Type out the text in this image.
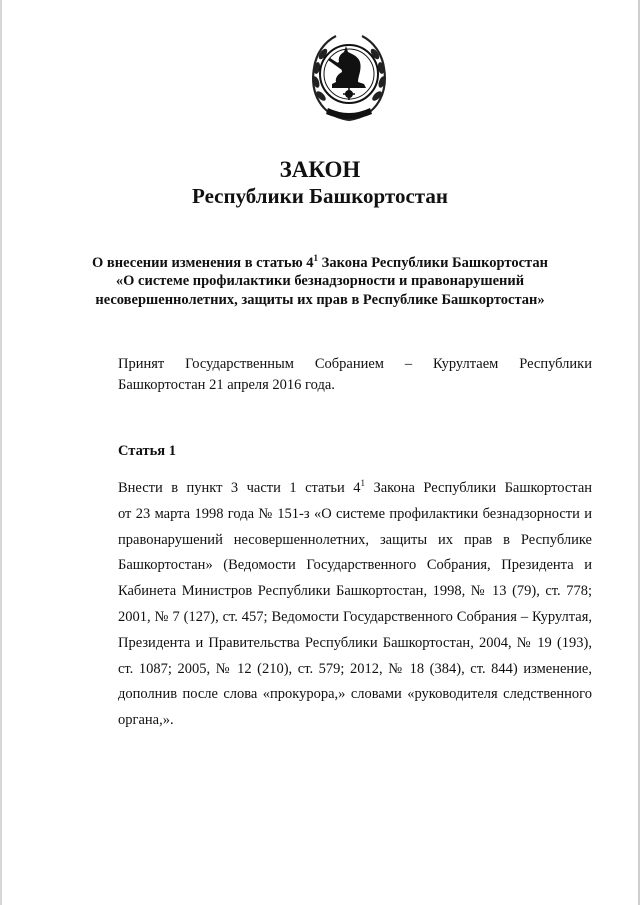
ЗАКОН
Республики Башкортостан
О внесении изменения в статью $4^1$ Закона Республики Башкортостан
«О системе профилактики безнадзорности и правонарушений
несовершеннолетних, защиты их прав в Республике Башкортостан»
Принят Государственным Собранием – Курултаем Республики
Башкортостан 21 апреля 2016 года.
Статья 1
Внести в пункт 3 части 1 статьи $4^1$ Закона Республики Башкортостан
от 23 марта 1998 года № 151-з «О системе профилактики безнадзорности и
правонарушений несовершеннолетних, защиты их прав в Республике
Башкортостан» (Ведомости Государственного Собрания, Президента и
Кабинета Министров Республики Башкортостан, 1998, № 13 (79), ст. 778;
2001, № 7 (127), ст. 457; Ведомости Государственного Собрания – Курултая,
Президента и Правительства Республики Башкортостан, 2004, № 19 (193),
ст. 1087; 2005, № 12 (210), ст. 579; 2012, № 18 (384), ст. 844) изменение,
дополнив после слова «прокурора,» словами «руководителя следственного
органа,».
